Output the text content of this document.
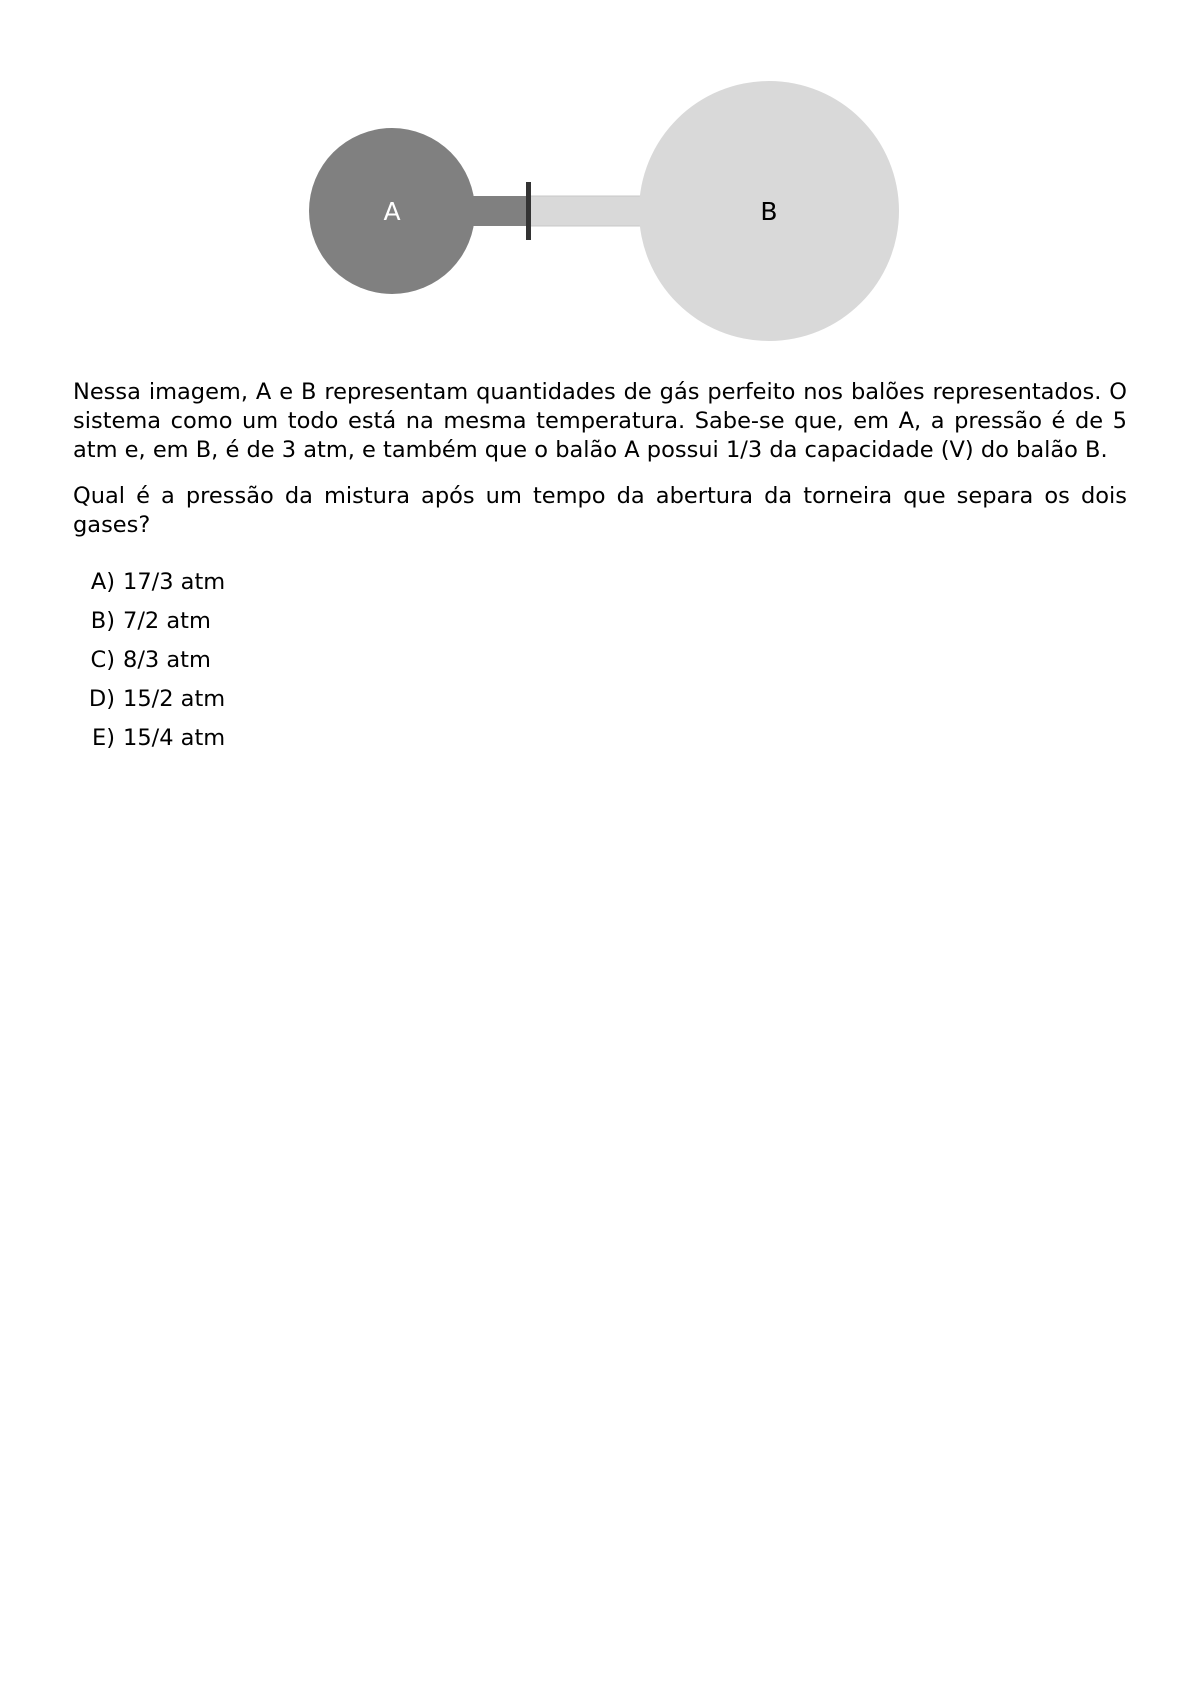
A	B

Nessa imagem, A e B representam quantidades de gás perfeito nos balões representados. O sistema como um todo está na mesma temperatura. Sabe-se que, em A, a pressão é de 5 atm e, em B, é de 3 atm, e também que o balão A possui 1/3 da capacidade (V) do balão B.

Qual é a pressão da mistura após um tempo da abertura da torneira que separa os dois gases?

A) 17/3 atm
B) 7/2 atm
C) 8/3 atm
D) 15/2 atm
E) 15/4 atm
